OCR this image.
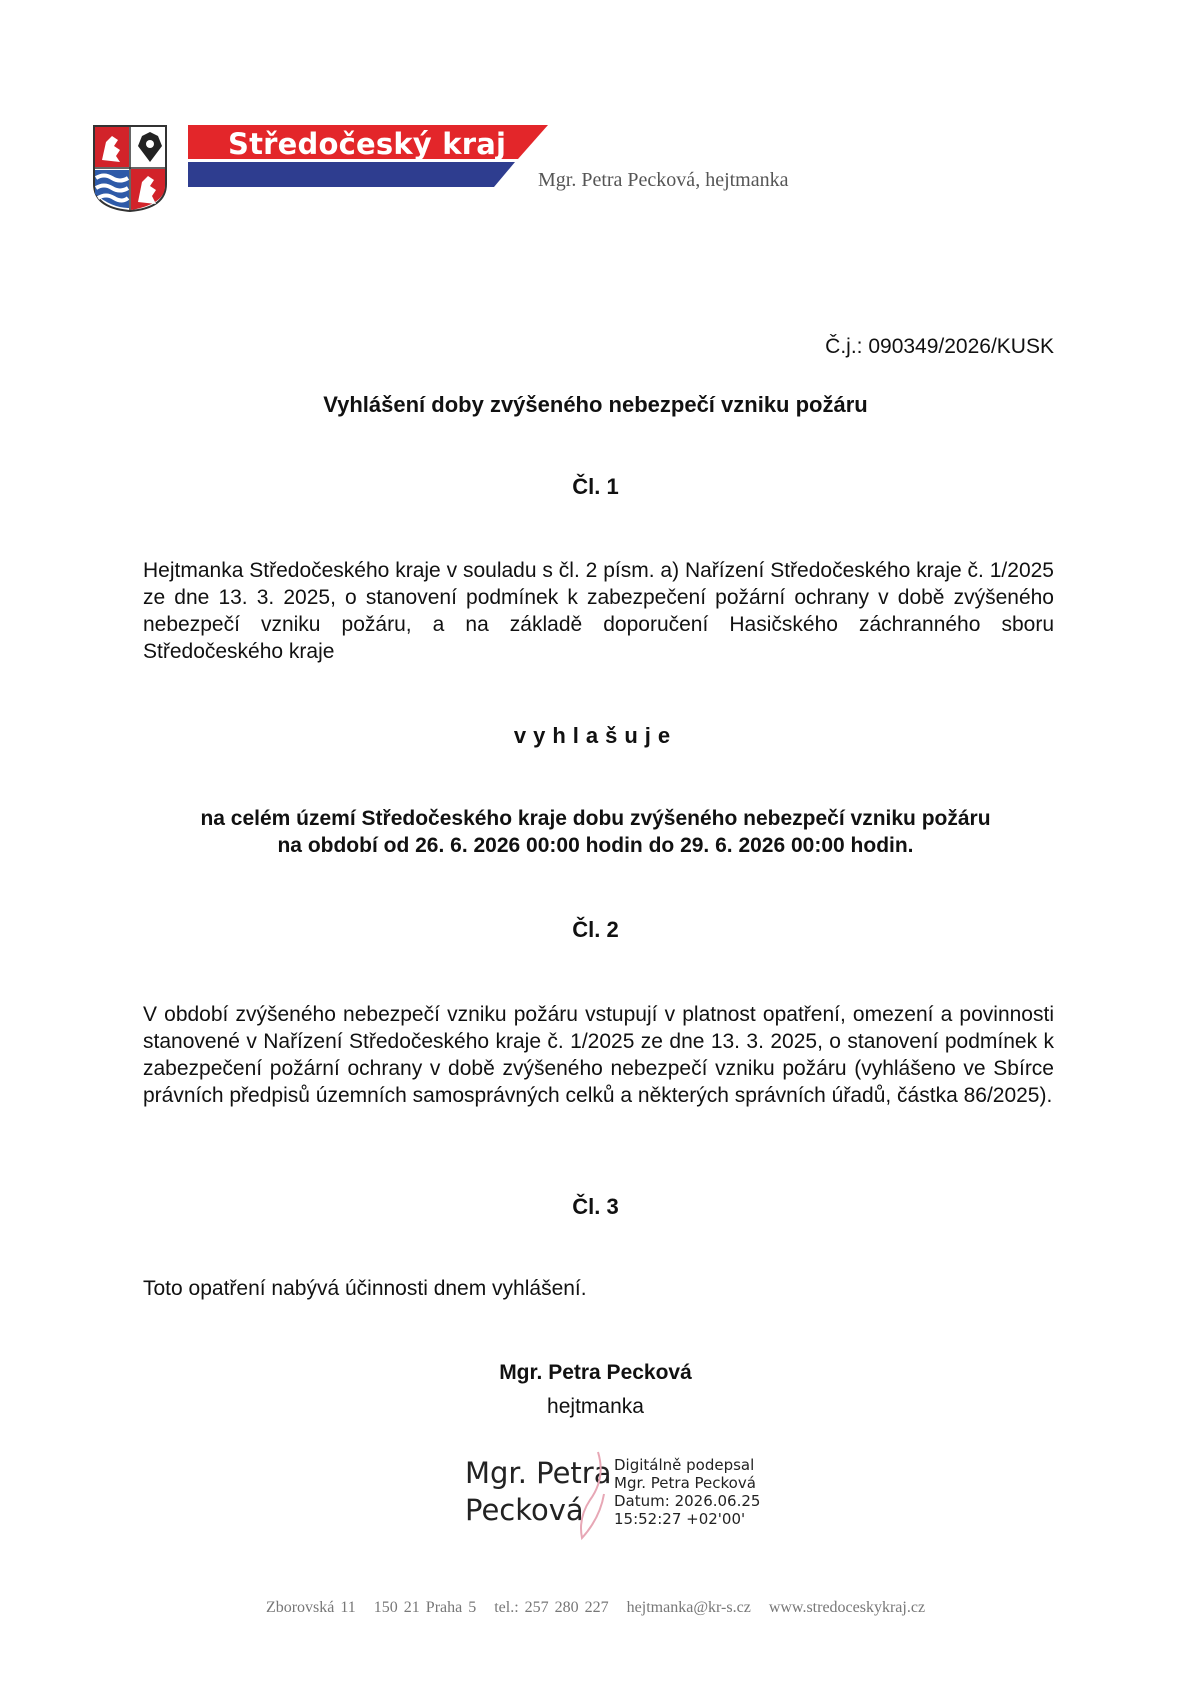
Středočeský kraj
Mgr. Petra Pecková, hejtmanka
Č.j.: 090349/2026/KUSK
Vyhlášení doby zvýšeného nebezpečí vzniku požáru
Čl. 1
Hejtmanka Středočeského kraje v souladu s čl. 2 písm. a) Nařízení Středočeského kraje č. 1/2025 ze dne 13. 3. 2025, o stanovení podmínek k zabezpečení požární ochrany v době zvýšeného nebezpečí vzniku požáru, a na základě doporučení Hasičského záchranného sboru Středočeského kraje
vyhlašuje
na celém území Středočeského kraje dobu zvýšeného nebezpečí vzniku požáru
na období od 26. 6. 2026 00:00 hodin do 29. 6. 2026 00:00 hodin.
Čl. 2
V období zvýšeného nebezpečí vzniku požáru vstupují v platnost opatření, omezení a povinnosti stanovené v Nařízení Středočeského kraje č. 1/2025 ze dne 13. 3. 2025, o stanovení podmínek k zabezpečení požární ochrany v době zvýšeného nebezpečí vzniku požáru (vyhlášeno ve Sbírce právních předpisů územních samosprávných celků a některých správních úřadů, částka 86/2025).
Čl. 3
Toto opatření nabývá účinnosti dnem vyhlášení.
Mgr. Petra Pecková
hejtmanka
Mgr. Petra
Pecková
Digitálně podepsal
Mgr. Petra Pecková
Datum: 2026.06.25
15:52:27 +02'00'
Zborovská 11 150 21 Praha 5 tel.: 257 280 227 hejtmanka@kr-s.cz www.stredoceskykraj.cz
